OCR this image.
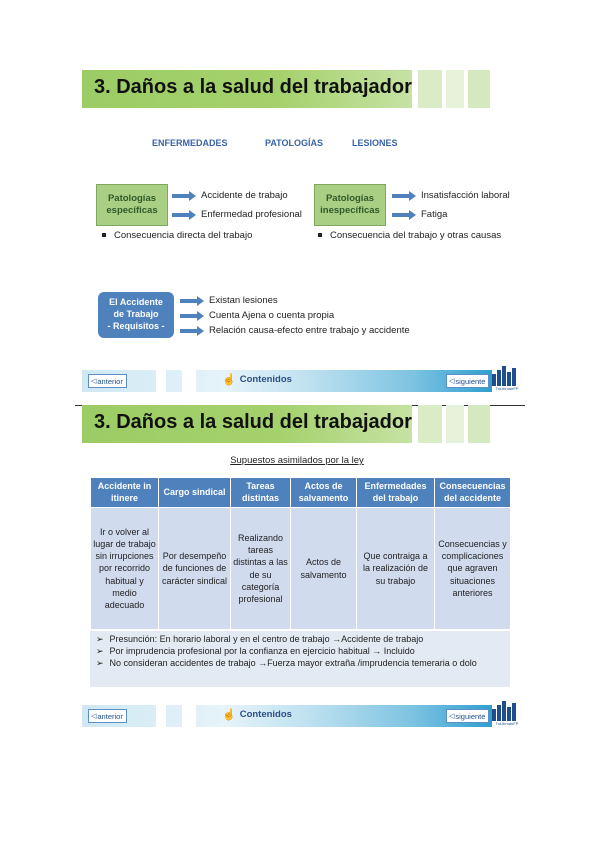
3. Daños a la salud del trabajador
ENFERMEDADES	PATOLOGÍAS	LESIONES
Patologías específicas
Accidente de trabajo
Enfermedad profesional
Consecuencia directa del trabajo
Patologías inespecíficas
Insatisfacción laboral
Fatiga
Consecuencia del trabajo y otras causas
El Accidente
de Trabajo
- Requisitos -
Existan lesiones
Cuenta Ajena o cuenta propia
Relación causa-efecto entre trabajo y accidente
◁ anterior	☝ Contenidos	◁ siguiente
TuLibrodeFP
3. Daños a la salud del trabajador
Supuestos asimilados por la ley
Accidente in itinere	Cargo sindical	Tareas distintas	Actos de salvamento	Enfermedades del trabajo	Consecuencias del accidente
Ir o volver al lugar de trabajo sin irrupciones por recorrido habitual y medio adecuado	Por desempeño de funciones de carácter sindical	Realizando tareas distintas a las de su categoría profesional	Actos de salvamento	Que contraiga a la realización de su trabajo	Consecuencias y complicaciones que agraven situaciones anteriores
➢ Presunción: En horario laboral y en el centro de trabajo →Accidente de trabajo
➢ Por imprudencia profesional por la confianza en ejercicio habitual → Incluido
➢ No consideran accidentes de trabajo →Fuerza mayor extraña /imprudencia temeraria o dolo
◁ anterior	☝ Contenidos	◁ siguiente
TuLibrodeFP
